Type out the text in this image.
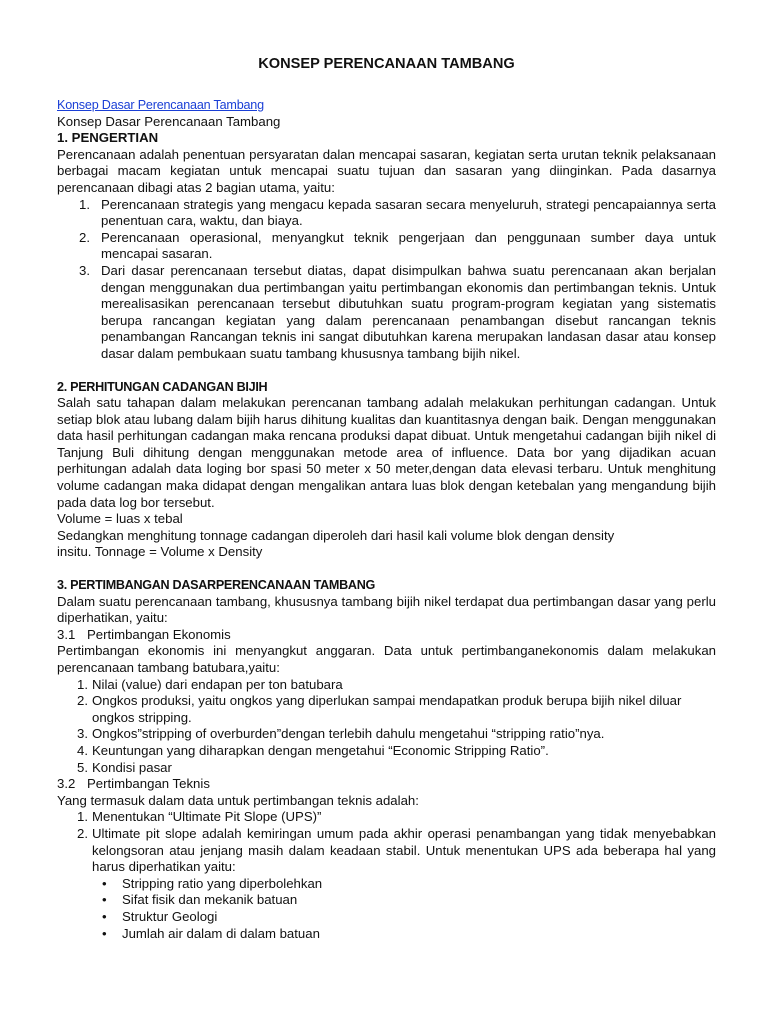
KONSEP PERENCANAAN TAMBANG
Konsep Dasar Perencanaan Tambang
Konsep Dasar Perencanaan Tambang
1. PENGERTIAN

Perencanaan adalah penentuan persyaratan dalan mencapai sasaran, kegiatan serta urutan teknik pelaksanaan berbagai macam kegiatan untuk mencapai suatu tujuan dan sasaran yang diinginkan. Pada dasarnya perencanaan dibagi atas 2 bagian utama, yaitu:

1. Perencanaan strategis yang mengacu kepada sasaran secara menyeluruh, strategi pencapaiannya serta penentuan cara, waktu, dan biaya.
2. Perencanaan operasional, menyangkut teknik pengerjaan dan penggunaan sumber daya untuk mencapai sasaran.
3. Dari dasar perencanaan tersebut diatas, dapat disimpulkan bahwa suatu perencanaan akan berjalan dengan menggunakan dua pertimbangan yaitu pertimbangan ekonomis dan pertimbangan teknis. Untuk merealisasikan perencanaan tersebut dibutuhkan suatu program-program kegiatan yang sistematis berupa rancangan kegiatan yang dalam perencanaan penambangan disebut rancangan teknis penambangan Rancangan teknis ini sangat dibutuhkan karena merupakan landasan dasar atau konsep dasar dalam pembukaan suatu tambang khususnya tambang bijih nikel.
2. PERHITUNGAN CADANGAN BIJIH

Salah satu tahapan dalam melakukan perencanan tambang adalah melakukan perhitungan cadangan. Untuk setiap blok atau lubang dalam bijih harus dihitung kualitas dan kuantitasnya dengan baik. Dengan menggunakan data hasil perhitungan cadangan maka rencana produksi dapat dibuat. Untuk mengetahui cadangan bijih nikel di Tanjung Buli dihitung dengan menggunakan metode area of influence. Data bor yang dijadikan acuan perhitungan adalah data loging bor spasi 50 meter x 50 meter,dengan data elevasi terbaru. Untuk menghitung volume cadangan maka didapat dengan mengalikan antara luas blok dengan ketebalan yang mengandung bijih pada data log bor tersebut.

Volume = luas x tebal
Sedangkan menghitung tonnage cadangan diperoleh dari hasil kali volume blok dengan density
insitu. Tonnage = Volume x Density
3. PERTIMBANGAN DASARPERENCANAAN TAMBANG

Dalam suatu perencanaan tambang, khususnya tambang bijih nikel terdapat dua pertimbangan dasar yang perlu diperhatikan, yaitu:

3.1 Pertimbangan Ekonomis

Pertimbangan ekonomis ini menyangkut anggaran. Data untuk pertimbanganekonomis dalam melakukan perencanaan tambang batubara,yaitu:

1. Nilai (value) dari endapan per ton batubara
2. Ongkos produksi, yaitu ongkos yang diperlukan sampai mendapatkan produk berupa bijih nikel diluar ongkos stripping.
3. Ongkos”stripping of overburden”dengan terlebih dahulu mengetahui “stripping ratio”nya.
4. Keuntungan yang diharapkan dengan mengetahui “Economic Stripping Ratio”.
5. Kondisi pasar
3.2 Pertimbangan Teknis
Yang termasuk dalam data untuk pertimbangan teknis adalah:
1. Menentukan “Ultimate Pit Slope (UPS)”
2. Ultimate pit slope adalah kemiringan umum pada akhir operasi penambangan yang tidak menyebabkan kelongsoran atau jenjang masih dalam keadaan stabil. Untuk menentukan UPS ada beberapa hal yang harus diperhatikan yaitu:
• Stripping ratio yang diperbolehkan
• Sifat fisik dan mekanik batuan
• Struktur Geologi
• Jumlah air dalam di dalam batuan
